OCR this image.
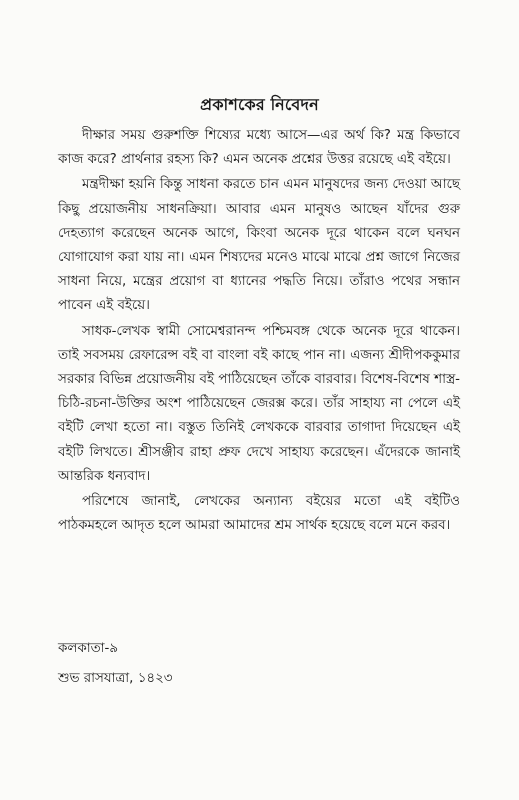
প্রকাশকের নিবেদন

দীক্ষার সময় গুরুশক্তি শিষ্যের মধ্যে আসে—এর অর্থ কি? মন্ত্র কিভাবে কাজ করে? প্রার্থনার রহস্য কি? এমন অনেক প্রশ্নের উত্তর রয়েছে এই বইয়ে।

মন্ত্রদীক্ষা হয়নি কিন্তু সাধনা করতে চান এমন মানুষদের জন্য দেওয়া আছে কিছু প্রয়োজনীয় সাধনক্রিয়া। আবার এমন মানুষও আছেন যাঁদের গুরু দেহত্যাগ করেছেন অনেক আগে, কিংবা অনেক দূরে থাকেন বলে ঘনঘন যোগাযোগ করা যায় না। এমন শিষ্যদের মনেও মাঝে মাঝে প্রশ্ন জাগে নিজের সাধনা নিয়ে, মন্ত্রের প্রয়োগ বা ধ্যানের পদ্ধতি নিয়ে। তাঁরাও পথের সন্ধান পাবেন এই বইয়ে।

সাধক-লেখক স্বামী সোমেশ্বরানন্দ পশ্চিমবঙ্গ থেকে অনেক দূরে থাকেন। তাই সবসময় রেফারেন্স বই বা বাংলা বই কাছে পান না। এজন্য শ্রীদীপককুমার সরকার বিভিন্ন প্রয়োজনীয় বই পাঠিয়েছেন তাঁকে বারবার। বিশেষ-বিশেষ শাস্ত্র-চিঠি-রচনা-উক্তির অংশ পাঠিয়েছেন জেরক্স করে। তাঁর সাহায্য না পেলে এই বইটি লেখা হতো না। বস্তুত তিনিই লেখককে বারবার তাগাদা দিয়েছেন এই বইটি লিখতে। শ্রীসঞ্জীব রাহা প্রুফ দেখে সাহায্য করেছেন। এঁদেরকে জানাই আন্তরিক ধন্যবাদ।

পরিশেষে জানাই, লেখকের অন্যান্য বইয়ের মতো এই বইটিও পাঠকমহলে আদৃত হলে আমরা আমাদের শ্রম সার্থক হয়েছে বলে মনে করব।

কলকাতা-৯
শুভ রাসযাত্রা, ১৪২৩
